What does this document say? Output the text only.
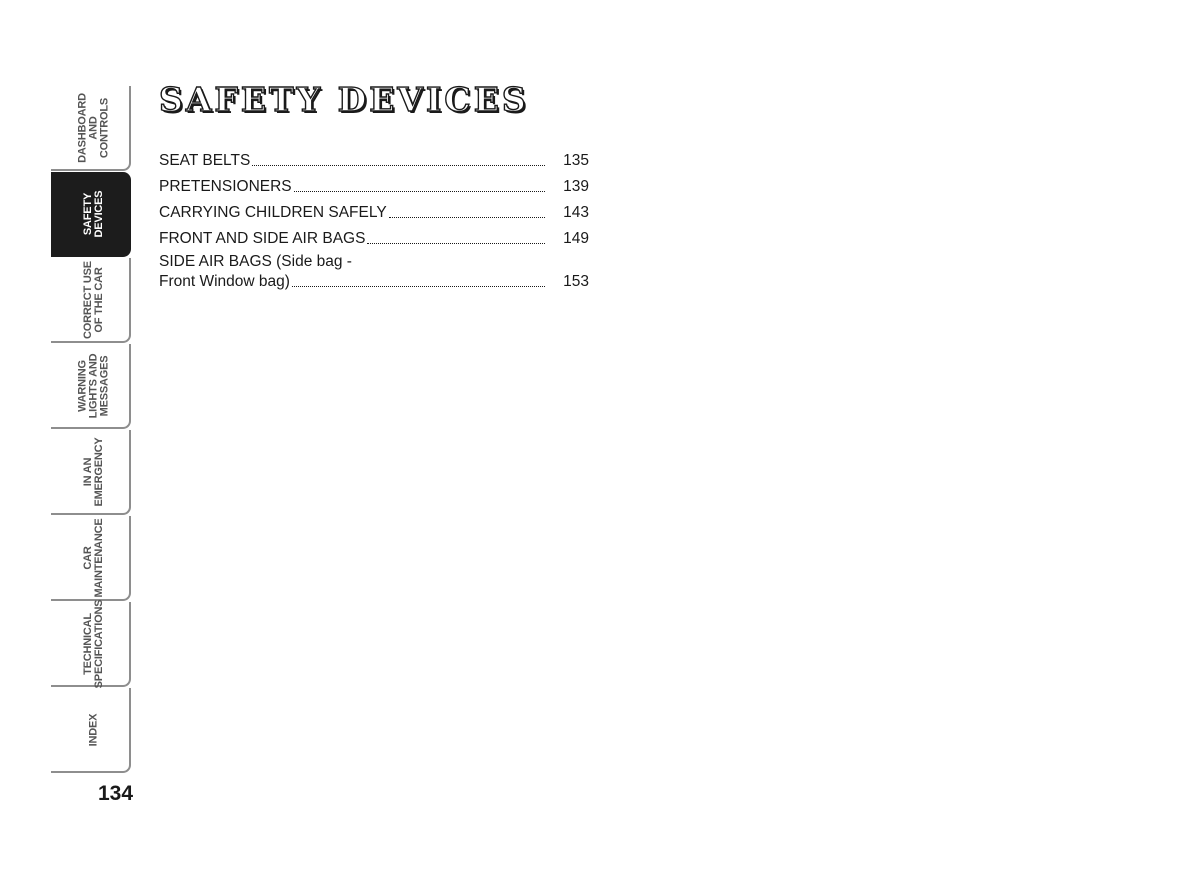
DASHBOARD
AND
CONTROLS
SAFETY
DEVICES
CORRECT USE
OF THE CAR
WARNING
LIGHTS AND
MESSAGES
IN AN
EMERGENCY
CAR
MAINTENANCE
TECHNICAL
SPECIFICATIONS
INDEX
SAFETY DEVICES
SEAT BELTS	135
PRETENSIONERS	139
CARRYING CHILDREN SAFELY	143
FRONT AND SIDE AIR BAGS	149
SIDE AIR BAGS (Side bag -
Front Window bag)	153
134
